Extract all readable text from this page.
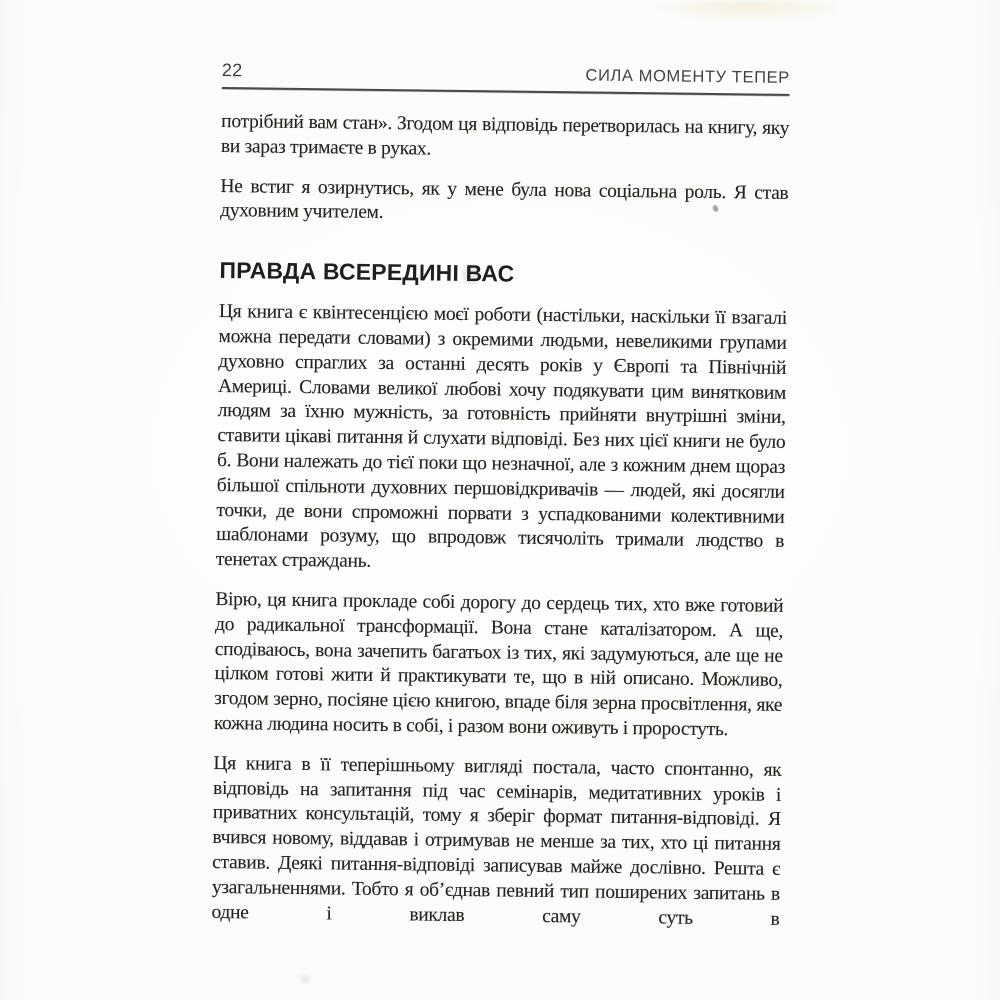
22	СИЛА МОМЕНТУ ТЕПЕР

потрібний вам стан». Згодом ця відповідь перетворилась на книгу, яку ви зараз тримаєте в руках.

Не встиг я озирнутись, як у мене була нова соціальна роль. Я став духовним учителем.

ПРАВДА ВСЕРЕДИНІ ВАС

Ця книга є квінтесенцією моєї роботи (настільки, наскільки її взагалі можна передати словами) з окремими людьми, невеликими групами духовно спраглих за останні десять років у Європі та Північній Америці. Словами великої любові хочу подякувати цим винятковим людям за їхню мужність, за готовність прийняти внутрішні зміни, ставити цікаві питання й слухати відповіді. Без них цієї книги не було б. Вони належать до тієї поки що незначної, але з кожним днем щораз більшої спільноти духовних першовідкривачів — людей, які досягли точки, де вони спроможні порвати з успадкованими колективними шаблонами розуму, що впродовж тисячоліть тримали людство в тенетах страждань.

Вірю, ця книга прокладе собі дорогу до сердець тих, хто вже готовий до радикальної трансформації. Вона стане каталізатором. А ще, сподіваюсь, вона зачепить багатьох із тих, які задумуються, але ще не цілком готові жити й практикувати те, що в ній описано. Можливо, згодом зерно, посіяне цією книгою, впаде біля зерна просвітлення, яке кожна людина носить в собі, і разом вони оживуть і проростуть.

Ця книга в її теперішньому вигляді постала, часто спонтанно, як відповідь на запитання під час семінарів, медитативних уроків і приватних консультацій, тому я зберіг формат питання-відповіді. Я вчився новому, віддавав і отримував не менше за тих, хто ці питання ставив. Деякі питання-відповіді записував майже дослівно. Решта є узагальненнями. Тобто я об’єднав певний тип поширених запитань в одне і виклав саму суть в
